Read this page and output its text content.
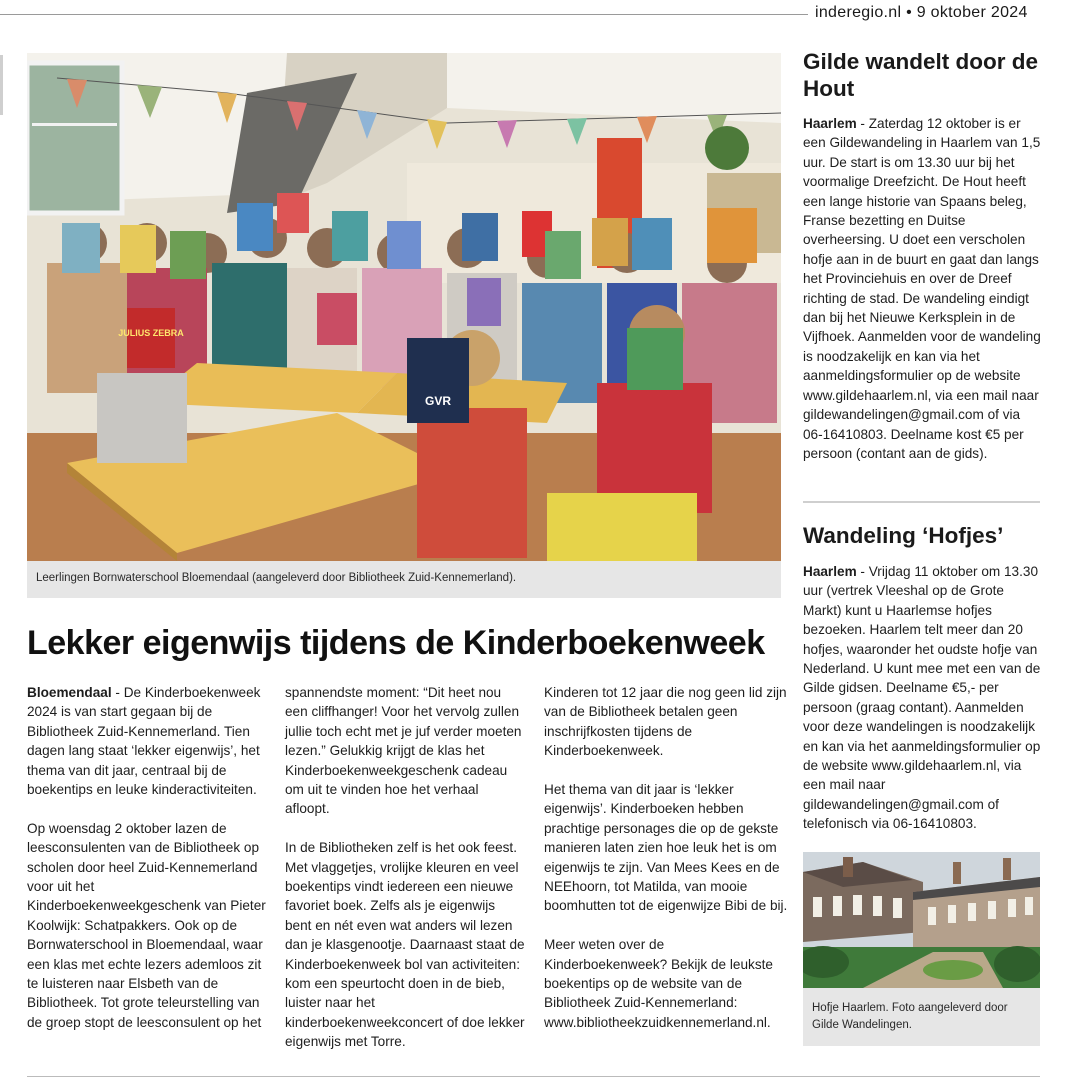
inderegio.nl • 9 oktober 2024
JULIUS ZEBRA
GVR
Leerlingen Bornwaterschool Bloemendaal (aangeleverd door Bibliotheek Zuid-Kennemerland).
Lekker eigenwijs tijdens de Kinderboekenweek

Bloemendaal - De Kinderboekenweek 2024 is van start gegaan bij de Bibliotheek Zuid-Kennemerland. Tien dagen lang staat ‘lekker eigenwijs’, het thema van dit jaar, centraal bij de boekentips en leuke kinderactiviteiten.

Op woensdag 2 oktober lazen de leesconsulenten van de Bibliotheek op scholen door heel Zuid-Kennemerland voor uit het Kinderboekenweekgeschenk van Pieter Koolwijk: Schatpakkers. Ook op de Bornwaterschool in Bloemendaal, waar een klas met echte lezers ademloos zit te luisteren naar Elsbeth van de Bibliotheek. Tot grote teleurstelling van de groep stopt de leesconsulent op het

spannendste moment: “Dit heet nou een cliffhanger! Voor het vervolg zullen jullie toch echt met je juf verder moeten lezen.” Gelukkig krijgt de klas het Kinderboekenweekgeschenk cadeau om uit te vinden hoe het verhaal afloopt.

In de Bibliotheken zelf is het ook feest. Met vlaggetjes, vrolijke kleuren en veel boekentips vindt iedereen een nieuwe favoriet boek. Zelfs als je eigenwijs bent en nét even wat anders wil lezen dan je klasgenootje. Daarnaast staat de Kinderboekenweek bol van activiteiten: kom een speurtocht doen in de bieb, luister naar het kinderboekenweekconcert of doe lekker eigenwijs met Torre.

Kinderen tot 12 jaar die nog geen lid zijn van de Bibliotheek betalen geen inschrijfkosten tijdens de Kinderboekenweek.

Het thema van dit jaar is ‘lekker eigenwijs’. Kinderboeken hebben prachtige personages die op de gekste manieren laten zien hoe leuk het is om eigenwijs te zijn. Van Mees Kees en de NEEhoorn, tot Matilda, van mooie boomhutten tot de eigenwijze Bibi de bij.

Meer weten over de Kinderboekenweek? Bekijk de leukste boekentips op de website van de Bibliotheek Zuid-Kennemerland: www.bibliotheekzuidkennemerland.nl.

Gilde wandelt door de Hout
Haarlem - Zaterdag 12 oktober is er een Gildewandeling in Haarlem van 1,5 uur. De start is om 13.30 uur bij het voormalige Dreefzicht. De Hout heeft een lange historie van Spaans beleg, Franse bezetting en Duitse overheersing. U doet een verscholen hofje aan in de buurt en gaat dan langs het Provinciehuis en over de Dreef richting de stad. De wandeling eindigt dan bij het Nieuwe Kerksplein in de Vijfhoek. Aanmelden voor de wandeling is noodzakelijk en kan via het aanmeldingsformulier op de website www.gildehaarlem.nl, via een mail naar gildewandelingen@gmail.com of via 06-16410803. Deelname kost €5 per persoon (contant aan de gids).
Wandeling ‘Hofjes’
Haarlem - Vrijdag 11 oktober om 13.30 uur (vertrek Vleeshal op de Grote Markt) kunt u Haarlemse hofjes bezoeken. Haarlem telt meer dan 20 hofjes, waaronder het oudste hofje van Nederland. U kunt mee met een van de Gilde gidsen. Deelname €5,- per persoon (graag contant). Aanmelden voor deze wandelingen is noodzakelijk en kan via het aanmeldingsformulier op de website www.gildehaarlem.nl, via een mail naar gildewandelingen@gmail.com of telefonisch via 06-16410803.
Hofje Haarlem. Foto aangeleverd door Gilde Wandelingen.
